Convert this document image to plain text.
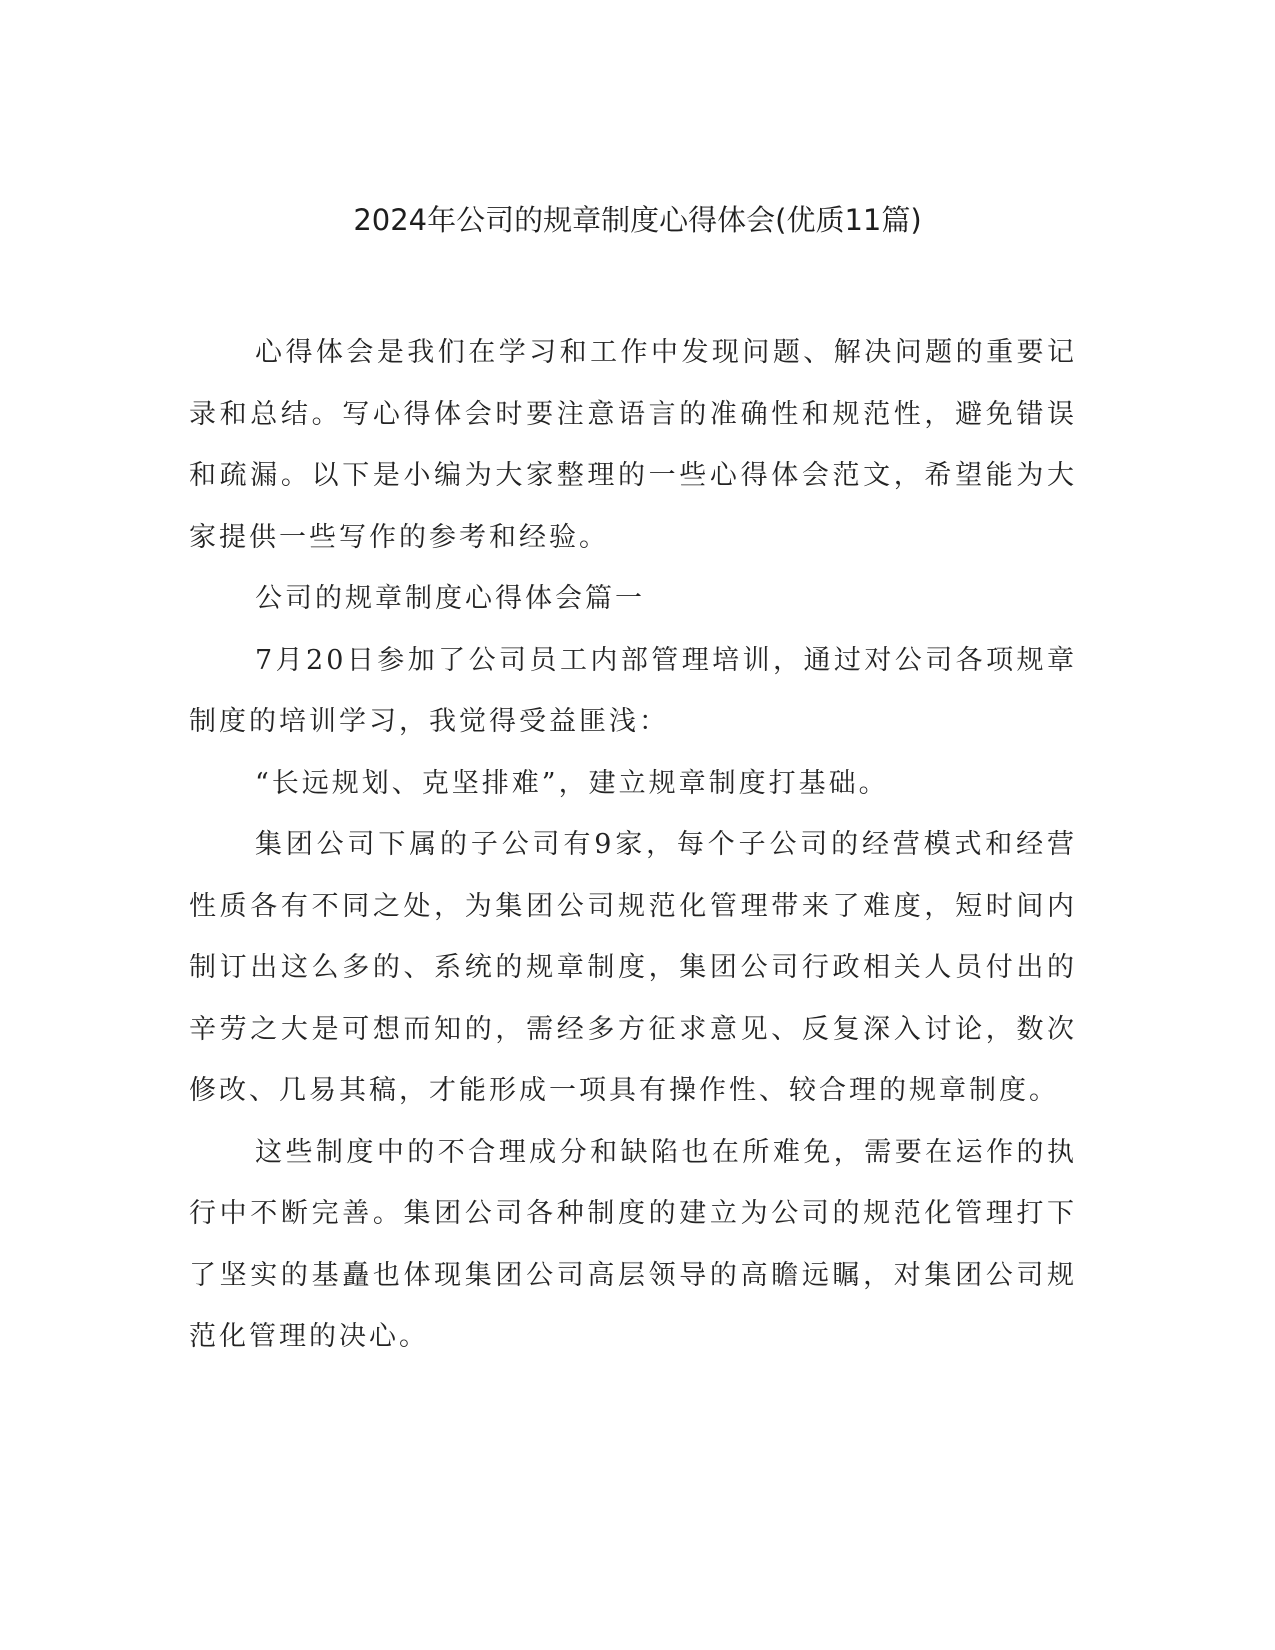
2024年公司的规章制度心得体会(优质11篇)

心得体会是我们在学习和工作中发现问题、解决问题的重要记录和总结。写心得体会时要注意语言的准确性和规范性，避免错误和疏漏。以下是小编为大家整理的一些心得体会范文，希望能为大家提供一些写作的参考和经验。

公司的规章制度心得体会篇一

7月20日参加了公司员工内部管理培训，通过对公司各项规章制度的培训学习，我觉得受益匪浅：

“长远规划、克坚排难”，建立规章制度打基础。

集团公司下属的子公司有9家，每个子公司的经营模式和经营性质各有不同之处，为集团公司规范化管理带来了难度，短时间内制订出这么多的、系统的规章制度，集团公司行政相关人员付出的辛劳之大是可想而知的，需经多方征求意见、反复深入讨论，数次修改、几易其稿，才能形成一项具有操作性、较合理的规章制度。

这些制度中的不合理成分和缺陷也在所难免，需要在运作的执行中不断完善。集团公司各种制度的建立为公司的规范化管理打下了坚实的基矗也体现集团公司高层领导的高瞻远瞩，对集团公司规范化管理的决心。
